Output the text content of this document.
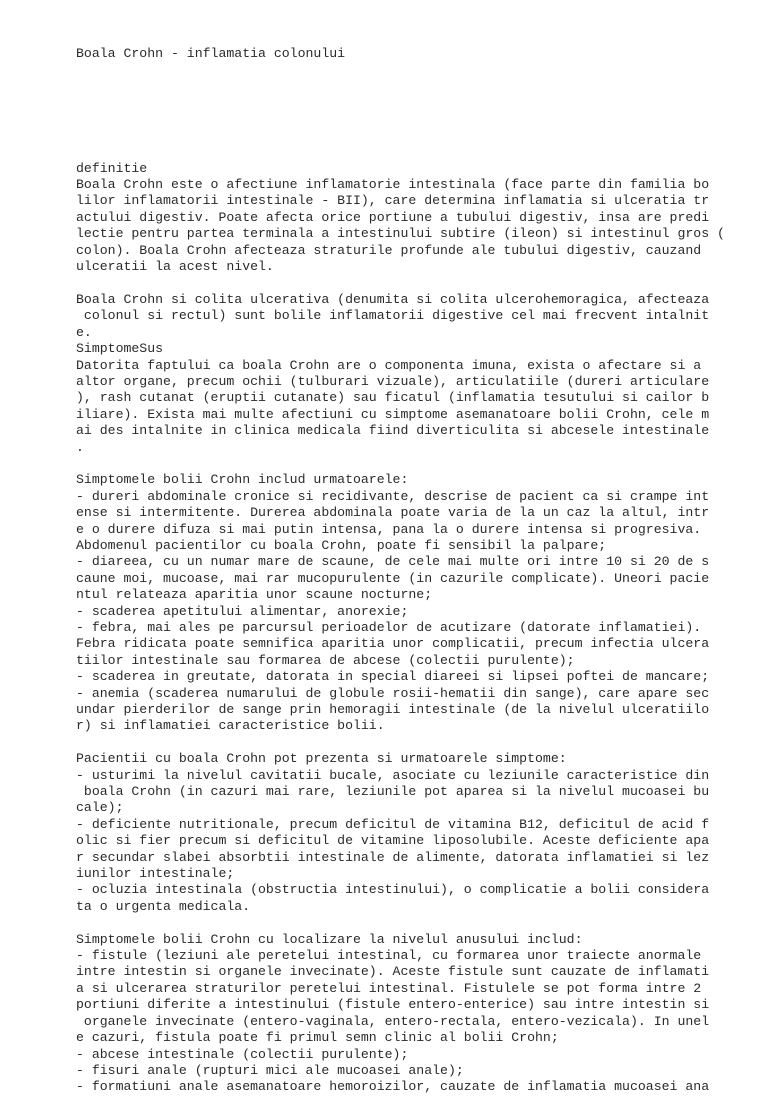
Boala Crohn - inflamatia colonului

definitie
Boala Crohn este o afectiune inflamatorie intestinala (face parte din familia bo
lilor inflamatorii intestinale - BII), care determina inflamatia si ulceratia tr
actului digestiv. Poate afecta orice portiune a tubului digestiv, insa are predi
lectie pentru partea terminala a intestinului subtire (ileon) si intestinul gros (
colon). Boala Crohn afecteaza straturile profunde ale tubului digestiv, cauzand
ulceratii la acest nivel.
Boala Crohn si colita ulcerativa (denumita si colita ulcerohemoragica, afecteaza
colonul si rectul) sunt bolile inflamatorii digestive cel mai frecvent intalnit
e.
SimptomeSus
Datorita faptului ca boala Crohn are o componenta imuna, exista o afectare si a
altor organe, precum ochii (tulburari vizuale), articulatiile (dureri articulare
), rash cutanat (eruptii cutanate) sau ficatul (inflamatia tesutului si cailor b
iliare). Exista mai multe afectiuni cu simptome asemanatoare bolii Crohn, cele m
ai des intalnite in clinica medicala fiind diverticulita si abcesele intestinale
.
Simptomele bolii Crohn includ urmatoarele:
- dureri abdominale cronice si recidivante, descrise de pacient ca si crampe int
ense si intermitente. Durerea abdominala poate varia de la un caz la altul, intr
e o durere difuza si mai putin intensa, pana la o durere intensa si progresiva.
Abdomenul pacientilor cu boala Crohn, poate fi sensibil la palpare;
- diareea, cu un numar mare de scaune, de cele mai multe ori intre 10 si 20 de s
caune moi, mucoase, mai rar mucopurulente (in cazurile complicate). Uneori pacie
ntul relateaza aparitia unor scaune nocturne;
- scaderea apetitului alimentar, anorexie;
- febra, mai ales pe parcursul perioadelor de acutizare (datorate inflamatiei).
Febra ridicata poate semnifica aparitia unor complicatii, precum infectia ulcera
tiilor intestinale sau formarea de abcese (colectii purulente);
- scaderea in greutate, datorata in special diareei si lipsei poftei de mancare;
- anemia (scaderea numarului de globule rosii-hematii din sange), care apare sec
undar pierderilor de sange prin hemoragii intestinale (de la nivelul ulceratiilo
r) si inflamatiei caracteristice bolii.
Pacientii cu boala Crohn pot prezenta si urmatoarele simptome:
- usturimi la nivelul cavitatii bucale, asociate cu leziunile caracteristice din
boala Crohn (in cazuri mai rare, leziunile pot aparea si la nivelul mucoasei bu
cale);
- deficiente nutritionale, precum deficitul de vitamina B12, deficitul de acid f
olic si fier precum si deficitul de vitamine liposolubile. Aceste deficiente apa
r secundar slabei absorbtii intestinale de alimente, datorata inflamatiei si lez
iunilor intestinale;
- ocluzia intestinala (obstructia intestinului), o complicatie a bolii considera
ta o urgenta medicala.
Simptomele bolii Crohn cu localizare la nivelul anusului includ:
- fistule (leziuni ale peretelui intestinal, cu formarea unor traiecte anormale
intre intestin si organele invecinate). Aceste fistule sunt cauzate de inflamati
a si ulcerarea straturilor peretelui intestinal. Fistulele se pot forma intre 2
portiuni diferite a intestinului (fistule entero-enterice) sau intre intestin si
organele invecinate (entero-vaginala, entero-rectala, entero-vezicala). In unel
e cazuri, fistula poate fi primul semn clinic al bolii Crohn;
- abcese intestinale (colectii purulente);
- fisuri anale (rupturi mici ale mucoasei anale);
- formatiuni anale asemanatoare hemoroizilor, cauzate de inflamatia mucoasei ana
